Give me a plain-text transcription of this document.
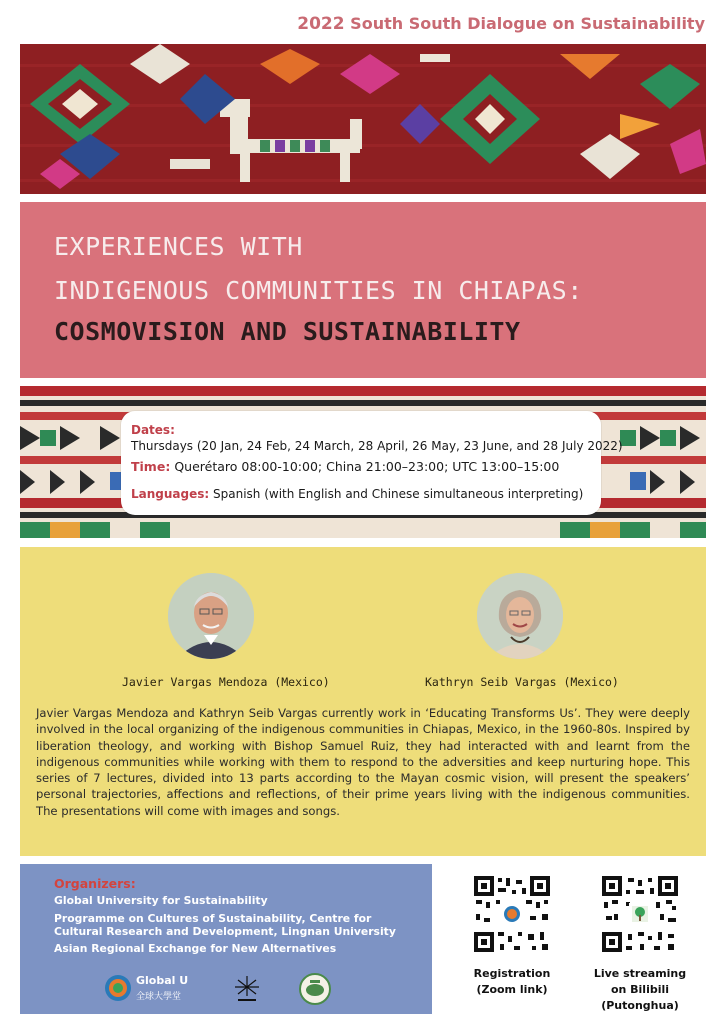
2022 South South Dialogue on Sustainability
EXPERIENCES WITH
INDIGENOUS COMMUNITIES IN CHIAPAS:
COSMOVISION AND SUSTAINABILITY
Dates:
Thursdays (20 Jan, 24 Feb, 24 March, 28 April, 26 May, 23 June, and 28 July 2022)
Time: Querétaro 08:00-10:00; China 21:00–23:00; UTC 13:00–15:00
Languages: Spanish (with English and Chinese simultaneous interpreting)
Javier Vargas Mendoza (Mexico)	Kathryn Seib Vargas (Mexico)
Javier Vargas Mendoza and Kathryn Seib Vargas currently work in ‘Educating Transforms Us’. They were deeply involved in the local organizing of the indigenous communities in Chiapas, Mexico, in the 1960-80s. Inspired by liberation theology, and working with Bishop Samuel Ruiz, they had interacted with and learnt from the indigenous communities while working with them to respond to the adversities and keep nurturing hope. This series of 7 lectures, divided into 13 parts according to the Mayan cosmic vision, will present the speakers’ personal trajectories, affections and reflections, of their prime years living with the indigenous communities. The presentations will come with images and songs.
Organizers:
Global University for Sustainability
Programme on Cultures of Sustainability, Centre for Cultural Research and Development, Lingnan University
Asian Regional Exchange for New Alternatives
Global U
全球大學堂
Registration
(Zoom link)
Live streaming
on Bilibili (Putonghua)
